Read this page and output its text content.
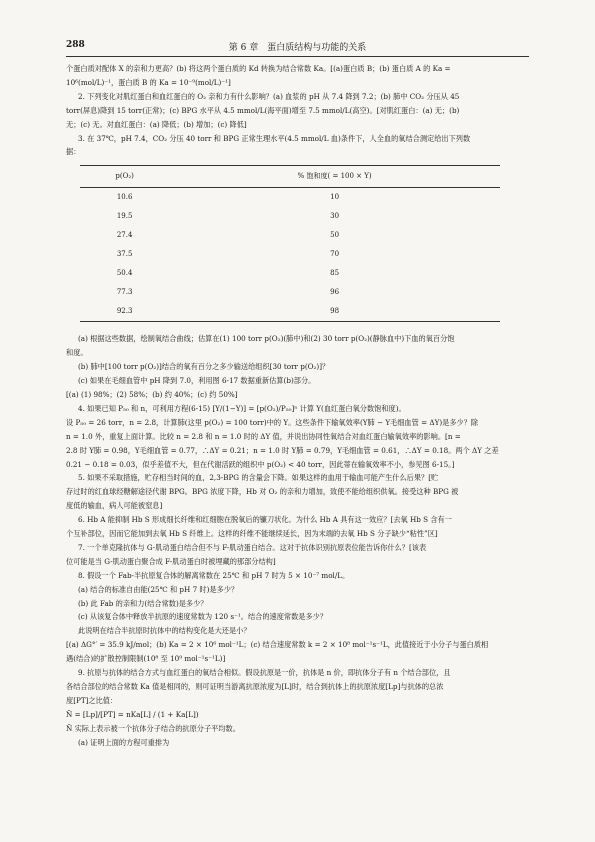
288	第 6 章　蛋白质结构与功能的关系

个蛋白质对配体 X 的亲和力更高？(b) 将这两个蛋白质的 Kd 转换为结合常数 Ka。[(a)蛋白质 B；(b) 蛋白质 A 的 Ka =

10⁶(mol/L)⁻¹，蛋白质 B 的 Ka = 10⁻⁹(mol/L)⁻¹]

2. 下列变化对肌红蛋白和血红蛋白的 O₂ 亲和力有什么影响？(a) 血浆的 pH 从 7.4 降到 7.2；(b) 肺中 CO₂ 分压从 45

torr(屏息)降到 15 torr(正常)；(c) BPG 水平从 4.5 mmol/L(海平面)增至 7.5 mmol/L(高空)。[对肌红蛋白：(a) 无；(b)

无；(c) 无。对血红蛋白：(a) 降低；(b) 增加；(c) 降低]

3. 在 37℃，pH 7.4，CO₂ 分压 40 torr 和 BPG 正常生理水平(4.5 mmol/L 血)条件下，人全血的氧结合测定给出下列数

据：

p(O₂)	% 饱和度( = 100 × Y)
10.6	10
19.5	30
27.4	50
37.5	70
50.4	85
77.3	96
92.3	98

(a) 根据这些数据，绘制氧结合曲线；估算在(1) 100 torr p(O₂)(肺中)和(2) 30 torr p(O₂)(静脉血中)下血的氧百分饱

和度。

(b) 肺中[100 torr p(O₂)]结合的氧有百分之多少输送给组织[30 torr p(O₂)]？

(c) 如果在毛细血管中 pH 降到 7.0，利用图 6-17 数据重新估算(b)部分。

[(a) (1) 98%；(2) 58%；(b) 约 40%；(c) 约 50%]

4. 如果已知 P₅₀ 和 n，可利用方程(6-15) [Y/(1−Y)] = [p(O₂)/P₅₀]ⁿ 计算 Y(血红蛋白氧分数饱和度)。

设 P₅₀ = 26 torr，n = 2.8，计算肺(这里 p(O₂) = 100 torr)中的 Y。这些条件下输氧效率(Y肺 − Y毛细血管 = ΔY)是多少？除

n = 1.0 外，重复上面计算。比较 n = 2.8 和 n = 1.0 时的 ΔY 值，并说出协同性氧结合对血红蛋白输氧效率的影响。[n =

2.8 时 Y肺 = 0.98，Y毛细血管 = 0.77，∴ΔY = 0.21；n = 1.0 时 Y肺 = 0.79，Y毛细血管 = 0.61，∴ΔY = 0.18。两个 ΔY 之差

0.21 − 0.18 = 0.03，似乎差值不大，但在代谢活跃的组织中 p(O₂) < 40 torr，因此蒂在输氧效率不小，参见图 6-15。]

5. 如果不采取措施，贮存相当时间的血，2,3-BPG 的含量会下降。如果这样的血用于输血可能产生什么后果？[贮

存过时的红血球经糖解途径代谢 BPG。BPG 浓度下降，Hb 对 O₂ 的亲和力增加，致使不能给组织供氧。接受这种 BPG 被

度低的输血，病人可能被窒息]

6. Hb A 能抑制 Hb S 形成细长纤维和红细胞在脱氧后的镰刀状化。为什么 Hb A 具有这一效应？[去氧 Hb S 含有一

个互补部位，因而它能加到去氧 Hb S 纤维上。这样的纤维不能继续延长，因为末端的去氧 Hb S 分子缺少“粘性”区]

7. 一个单克隆抗体与 G-肌动蛋白结合但不与 F-肌动蛋白结合。这对于抗体识别抗原表位能告诉你什么？[该表

位可能是当 G-肌动蛋白聚合成 F-肌动蛋白时被埋藏的那部分结构]

8. 假设一个 Fab-半抗原复合体的解离常数在 25℃ 和 pH 7 时为 5 × 10⁻⁷ mol/L。

(a) 结合的标准自由能(25℃ 和 pH 7 时)是多少？

(b) 此 Fab 的亲和力(结合常数)是多少？

(c) 从该复合体中释放半抗原的速度常数为 120 s⁻¹。结合的速度常数是多少？

此说明在结合半抗原时抗体中的结构变化是大还是小？

[(a) ΔG°′ = 35.9 kJ/mol；(b) Ka = 2 × 10⁶ mol⁻¹L；(c) 结合速度常数 k = 2 × 10⁸ mol⁻¹s⁻¹L，此值接近于小分子与蛋白质相

遇(结合)的扩散控制限制(10⁸ 至 10⁹ mol⁻¹s⁻¹L)]

9. 抗原与抗体的结合方式与血红蛋白的氧结合相似。假设抗原是一价，抗体是 n 价，即抗体分子有 n 个结合部位，且

各结合部位的结合常数 Ka 值是相同的，则可证明当游离抗原浓度为[L]时，结合到抗体上的抗原浓度[Lp]与抗体的总浓

度[PT]之比值：

N̄ = [Lp]/[PT] = nKa[L] / (1 + Ka[L])

N̄ 实际上表示被一个抗体分子结合的抗原分子平均数。

(a) 证明上面的方程可重排为
